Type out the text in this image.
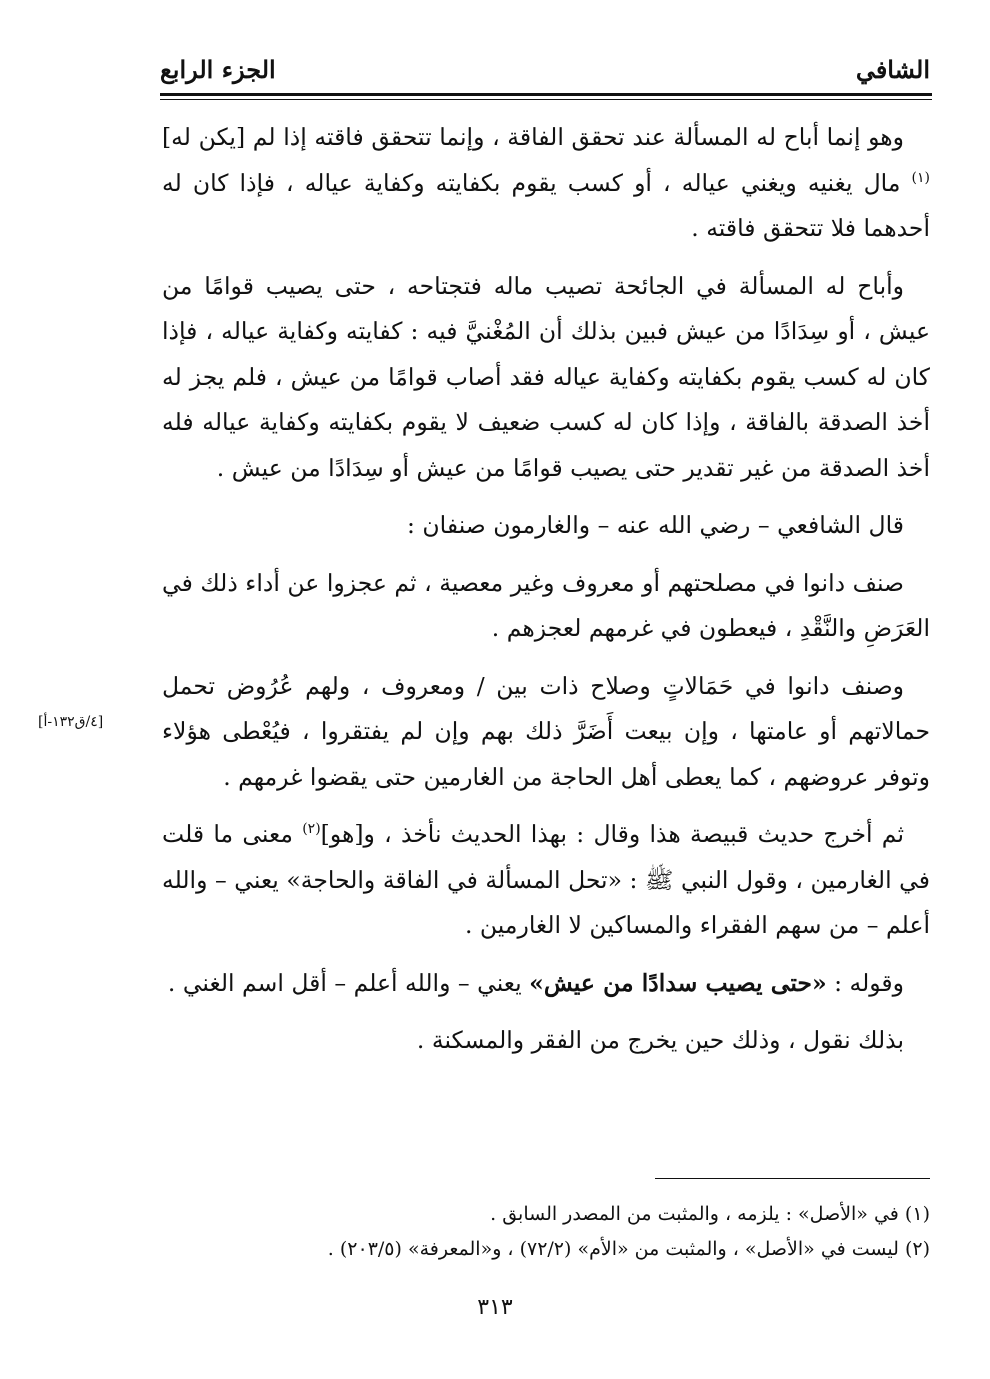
الشافي
الجزء الرابع

وهو إنما أباح له المسألة عند تحقق الفاقة ، وإنما تتحقق فاقته إذا لم [يكن له]$^{(١)}$ مال يغنيه ويغني عياله ، أو كسب يقوم بكفايته وكفاية عياله ، فإذا كان له أحدهما فلا تتحقق فاقته .

وأباح له المسألة في الجائحة تصيب ماله فتجتاحه ، حتى يصيب قوامًا من عيش ، أو سِدَادًا من عيش فبين بذلك أن المُغْنيَّ فيه : كفايته وكفاية عياله ، فإذا كان له كسب يقوم بكفايته وكفاية عياله فقد أصاب قوامًا من عيش ، فلم يجز له أخذ الصدقة بالفاقة ، وإذا كان له كسب ضعيف لا يقوم بكفايته وكفاية عياله فله أخذ الصدقة من غير تقدير حتى يصيب قوامًا من عيش أو سِدَادًا من عيش .

قال الشافعي – رضي الله عنه – والغارمون صنفان :

صنف دانوا في مصلحتهم أو معروف وغير معصية ، ثم عجزوا عن أداء ذلك في العَرَضِ والنَّقْدِ ، فيعطون في غرمهم لعجزهم .

وصنف دانوا في حَمَالاتٍ وصلاح ذات بين / ومعروف ، ولهم عُرُوض تحمل حمالاتهم أو عامتها ، وإن بيعت أَضَرَّ ذلك بهم وإن لم يفتقروا ، فيُعْطى هؤلاء وتوفر عروضهم ، كما يعطى أهل الحاجة من الغارمين حتى يقضوا غرمهم .

ثم أخرج حديث قبيصة هذا وقال : بهذا الحديث نأخذ ، و[هو]$^{(٢)}$ معنى ما قلت في الغارمين ، وقول النبي ﷺ : «تحل المسألة في الفاقة والحاجة» يعني – والله أعلم – من سهم الفقراء والمساكين لا الغارمين .

وقوله : «حتى يصيب سدادًا من عيش» يعني – والله أعلم – أقل اسم الغني .

بذلك نقول ، وذلك حين يخرج من الفقر والمسكنة .

[٤/ق١٣٢-أ]

(١) في «الأصل» : يلزمه ، والمثبت من المصدر السابق .

(٢) ليست في «الأصل» ، والمثبت من «الأم» (٧٢/٢) ، و«المعرفة» (٢٠٣/٥) .

٣١٣
